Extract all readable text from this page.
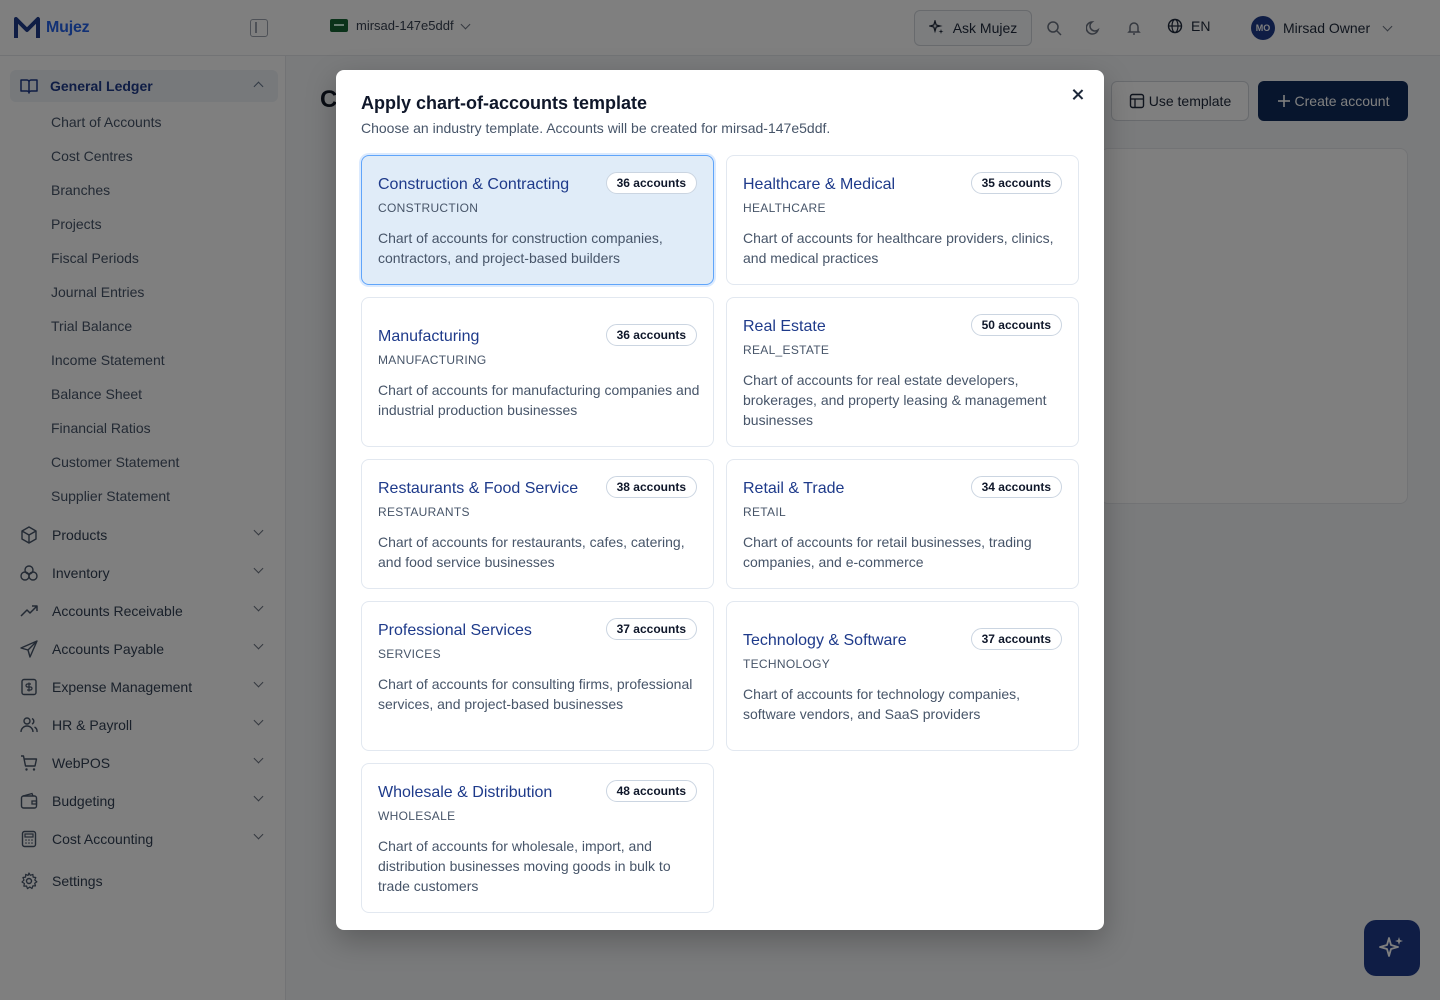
Apply chart-of-accounts template
Choose an industry template. Accounts will be created for mirsad-147e5ddf.
Construction & Contracting	36 accounts
CONSTRUCTION
Chart of accounts for construction companies, contractors, and project-based builders
Healthcare & Medical	35 accounts
HEALTHCARE
Chart of accounts for healthcare providers, clinics, and medical practices
Manufacturing	36 accounts
MANUFACTURING
Chart of accounts for manufacturing companies and industrial production businesses
Real Estate	50 accounts
REAL_ESTATE
Chart of accounts for real estate developers, brokerages, and property leasing & management businesses
Restaurants & Food Service	38 accounts
RESTAURANTS
Chart of accounts for restaurants, cafes, catering, and food service businesses
Retail & Trade	34 accounts
RETAIL
Chart of accounts for retail businesses, trading companies, and e-commerce
Professional Services	37 accounts
SERVICES
Chart of accounts for consulting firms, professional services, and project-based businesses
Technology & Software	37 accounts
TECHNOLOGY
Chart of accounts for technology companies, software vendors, and SaaS providers
Wholesale & Distribution	48 accounts
WHOLESALE
Chart of accounts for wholesale, import, and distribution businesses moving goods in bulk to trade customers
